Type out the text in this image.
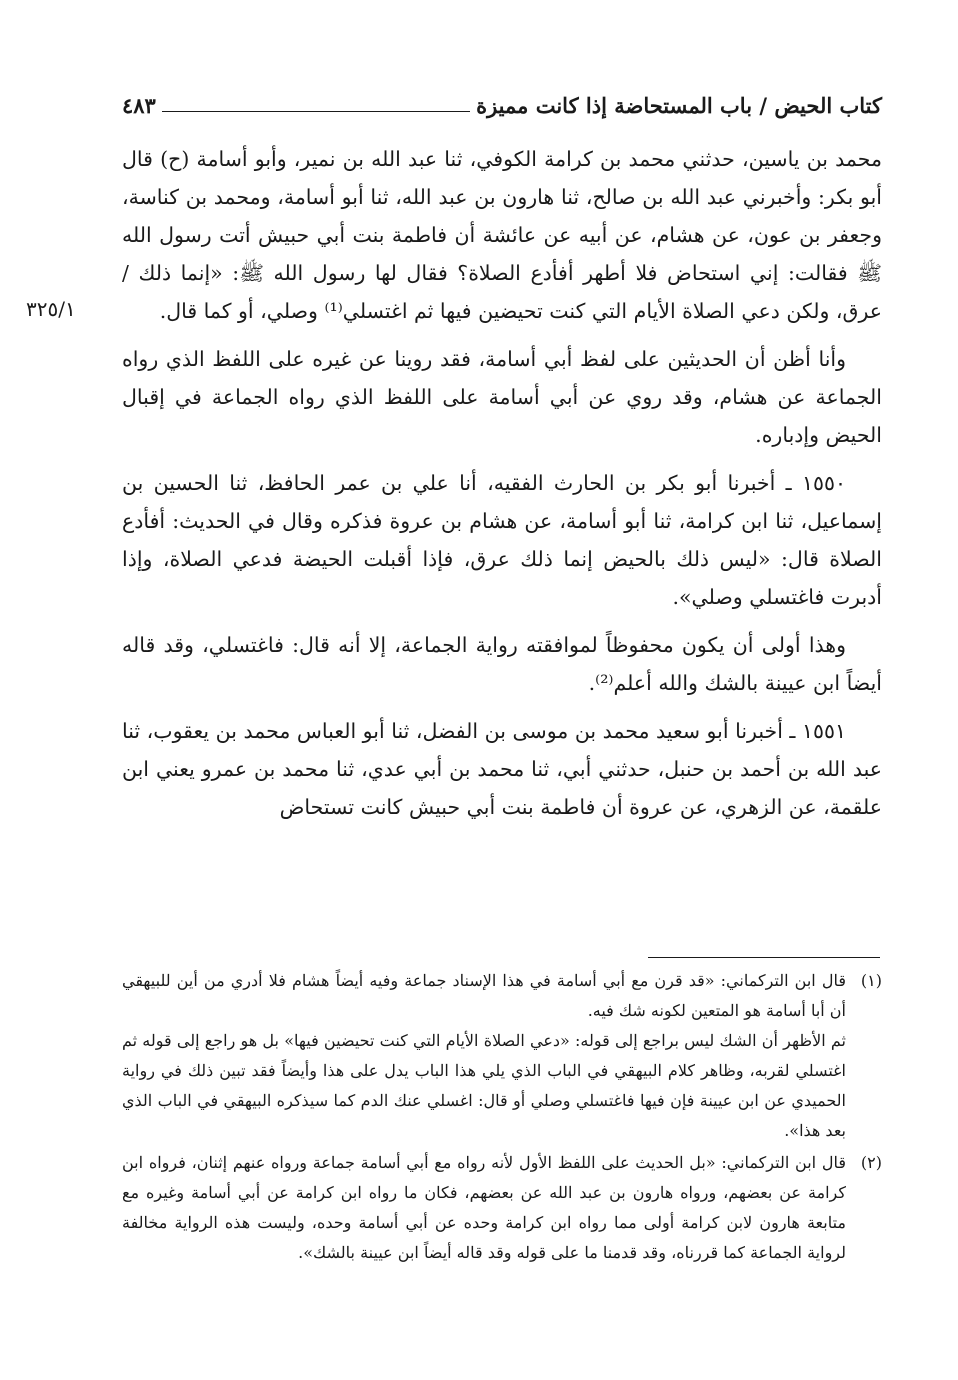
كتاب الحيض / باب المستحاضة إذا كانت مميزة
٤٨٣
٣٢٥/١

محمد بن ياسين، حدثني محمد بن كرامة الكوفي، ثنا عبد الله بن نمير، وأبو أسامة (ح) قال أبو بكر: وأخبرني عبد الله بن صالح، ثنا هارون بن عبد الله، ثنا أبو أسامة، ومحمد بن كناسة، وجعفر بن عون، عن هشام، عن أبيه عن عائشة أن فاطمة بنت أبي حبيش أتت رسول الله ﷺ فقالت: إني استحاض فلا أطهر أفأدع الصلاة؟ فقال لها رسول الله ﷺ: «إنما ذلك / عرق، ولكن دعي الصلاة الأيام التي كنت تحيضين فيها ثم اغتسلي⁽¹⁾ وصلي، أو كما قال.

وأنا أظن أن الحديثين على لفظ أبي أسامة، فقد روينا عن غيره على اللفظ الذي رواه الجماعة عن هشام، وقد روي عن أبي أسامة على اللفظ الذي رواه الجماعة في إقبال الحيض وإدباره.

١٥٥٠ ـ أخبرنا أبو بكر بن الحارث الفقيه، أنا علي بن عمر الحافظ، ثنا الحسين بن إسماعيل، ثنا ابن كرامة، ثنا أبو أسامة، عن هشام بن عروة فذكره وقال في الحديث: أفأدع الصلاة قال: «ليس ذلك بالحيض إنما ذلك عرق، فإذا أقبلت الحيضة فدعي الصلاة، وإذا أدبرت فاغتسلي وصلي».

وهذا أولى أن يكون محفوظاً لموافقته رواية الجماعة، إلا أنه قال: فاغتسلي، وقد قاله أيضاً ابن عيينة بالشك والله أعلم⁽²⁾.

١٥٥١ ـ أخبرنا أبو سعيد محمد بن موسى بن الفضل، ثنا أبو العباس محمد بن يعقوب، ثنا عبد الله بن أحمد بن حنبل، حدثني أبي، ثنا محمد بن أبي عدي، ثنا محمد بن عمرو يعني ابن علقمة، عن الزهري، عن عروة أن فاطمة بنت أبي حبيش كانت تستحاض

(١)

قال ابن التركماني: «قد قرن مع أبي أسامة في هذا الإسناد جماعة وفيه أيضاً هشام فلا أدري من أين للبيهقي أن أبا أسامة هو المتعين لكونه شك فيه.

ثم الأظهر أن الشك ليس براجع إلى قوله: «دعي الصلاة الأيام التي كنت تحيضين فيها» بل هو راجع إلى قوله ثم اغتسلي لقربه، وظاهر كلام البيهقي في الباب الذي يلي هذا الباب يدل على هذا وأيضاً فقد تبين ذلك في رواية الحميدي عن ابن عيينة فإن فيها فاغتسلي وصلي أو قال: اغسلي عنك الدم كما سيذكره البيهقي في الباب الذي بعد هذا».

(٢)

قال ابن التركماني: «بل الحديث على اللفظ الأول لأنه رواه مع أبي أسامة جماعة ورواه عنهم إثنان، فرواه ابن كرامة عن بعضهم، ورواه هارون بن عبد الله عن بعضهم، فكان ما رواه ابن كرامة عن أبي أسامة وغيره مع متابعة هارون لابن كرامة أولى مما رواه ابن كرامة وحده عن أبي أسامة وحده، وليست هذه الرواية مخالفة لرواية الجماعة كما قررناه، وقد قدمنا ما على قوله وقد قاله أيضاً ابن عيينة بالشك».
